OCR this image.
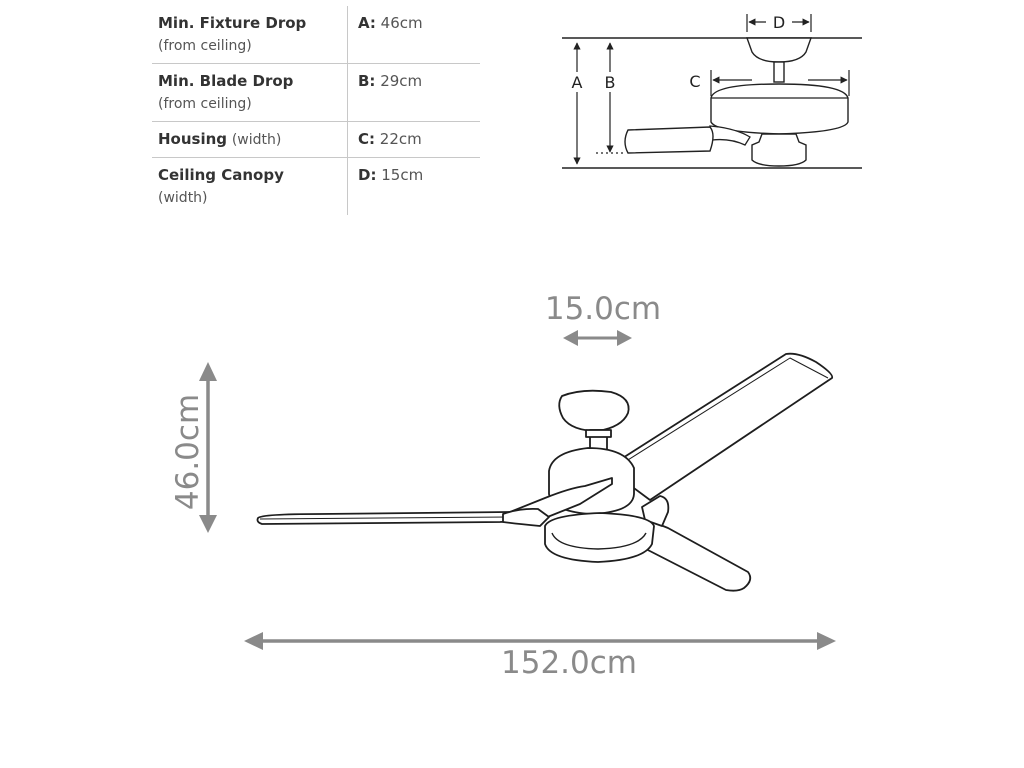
Min. Fixture Drop (from ceiling)	A: 46cm
Min. Blade Drop
(from ceiling)	B: 29cm
Housing (width)	C: 22cm
Ceiling Canopy
(width)	D: 15cm
A B
D
C
15.0cm
46.0cm
152.0cm
